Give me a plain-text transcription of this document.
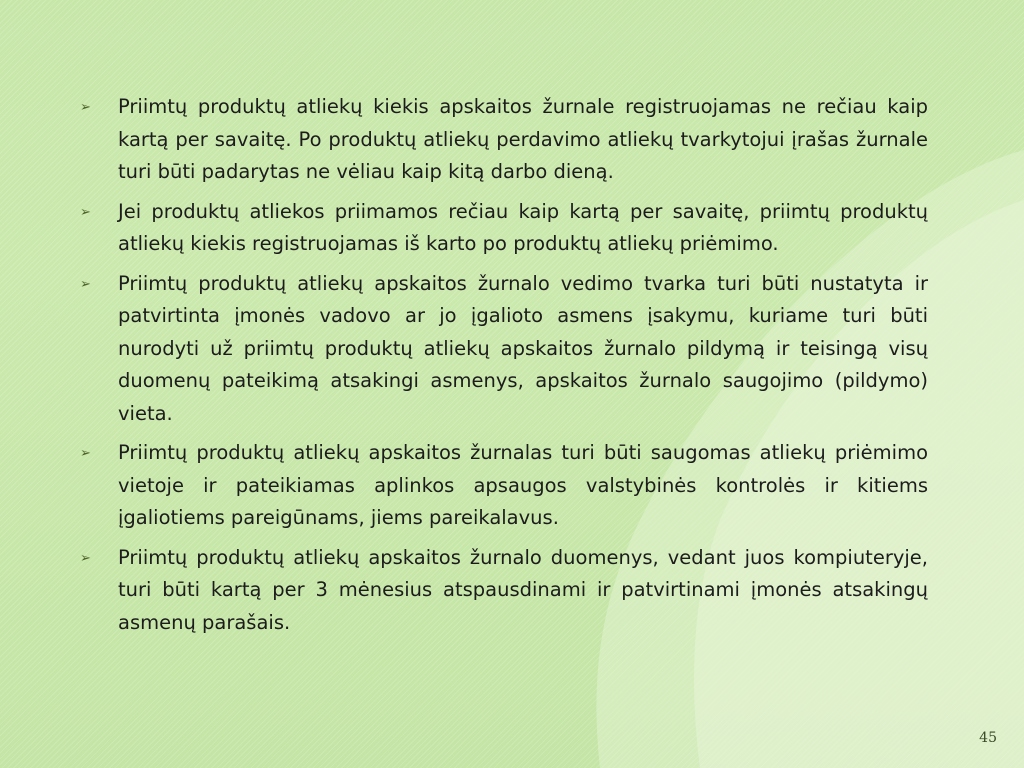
➢ Priimtų produktų atliekų kiekis apskaitos žurnale registruojamas ne rečiau kaip kartą per savaitę. Po produktų atliekų perdavimo atliekų tvarkytojui įrašas žurnale turi būti padarytas ne vėliau kaip kitą darbo dieną.
➢ Jei produktų atliekos priimamos rečiau kaip kartą per savaitę, priimtų produktų atliekų kiekis registruojamas iš karto po produktų atliekų priėmimo.
➢ Priimtų produktų atliekų apskaitos žurnalo vedimo tvarka turi būti nustatyta ir patvirtinta įmonės vadovo ar jo įgalioto asmens įsakymu, kuriame turi būti nurodyti už priimtų produktų atliekų apskaitos žurnalo pildymą ir teisingą visų duomenų pateikimą atsakingi asmenys, apskaitos žurnalo saugojimo (pildymo) vieta.
➢ Priimtų produktų atliekų apskaitos žurnalas turi būti saugomas atliekų priėmimo vietoje ir pateikiamas aplinkos apsaugos valstybinės kontrolės ir kitiems įgaliotiems pareigūnams, jiems pareikalavus.
➢ Priimtų produktų atliekų apskaitos žurnalo duomenys, vedant juos kompiuteryje, turi būti kartą per 3 mėnesius atspausdinami ir patvirtinami įmonės atsakingų asmenų parašais.
45
